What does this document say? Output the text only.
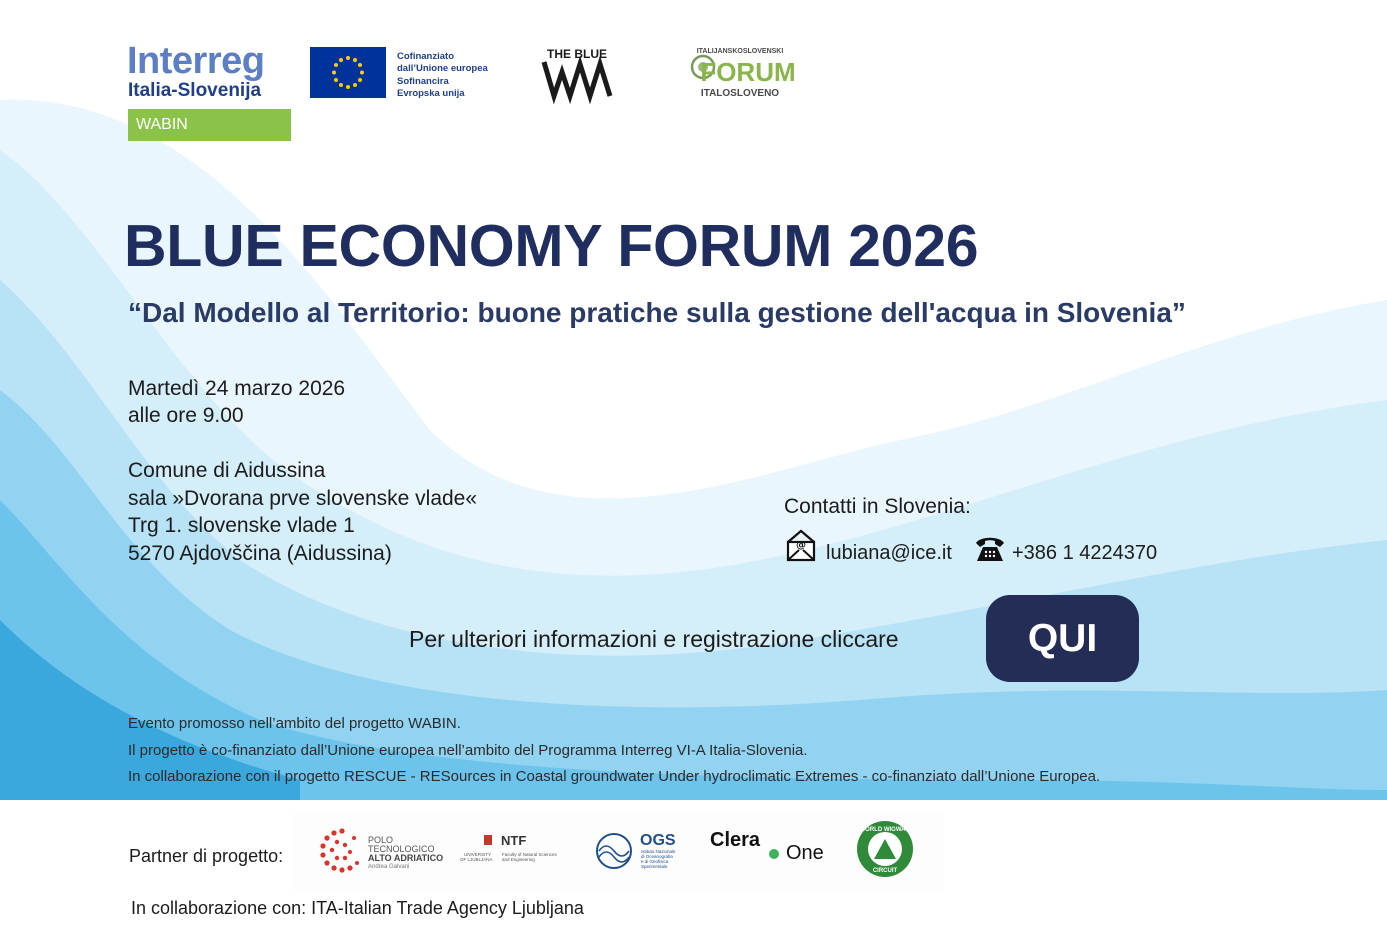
Interreg
Italia-Slovenija
WABIN
Cofinanziato
dall’Unione europea
Sofinancira
Evropska unija
THE BLUE	ITALIJANSKOSLOVENSKI
FORUM
ITALOSLOVENO
BLUE ECONOMY FORUM 2026
“Dal Modello al Territorio: buone pratiche sulla gestione dell'acqua in Slovenia”
Martedì 24 marzo 2026
alle ore 9.00
Comune di Aidussina
sala »Dvorana prve slovenske vlade«
Trg 1. slovenske vlade 1
5270 Ajdovščina (Aidussina)
Contatti in Slovenia:
@ lubiana@ice.it	+386 1 4224370
Per ulteriori informazioni e registrazione cliccare	QUI
Evento promosso nell’ambito del progetto WABIN.
Il progetto è co-finanziato dall’Unione europea nell’ambito del Programma Interreg VI-A Italia-Slovenia.
In collaborazione con il progetto RESCUE - RESources in Coastal groundwater Under hydroclimatic Extremes - co-finanziato dall’Unione Europea.
Partner di progetto:
POLO
TECNOLOGICO
ALTO ADRIATICO
Andrea Galvani
NTF
UNIVERSITY
OF LJUBLJANA
Faculty of Natural Sciences
and Engineering
OGS
Istituto Nazionale
di Oceanografia
e di Geofisica
Sperimentale
Clera
One
WORLD WIGWAM
CIRCUIT
In collaborazione con: ITA-Italian Trade Agency Ljubljana
